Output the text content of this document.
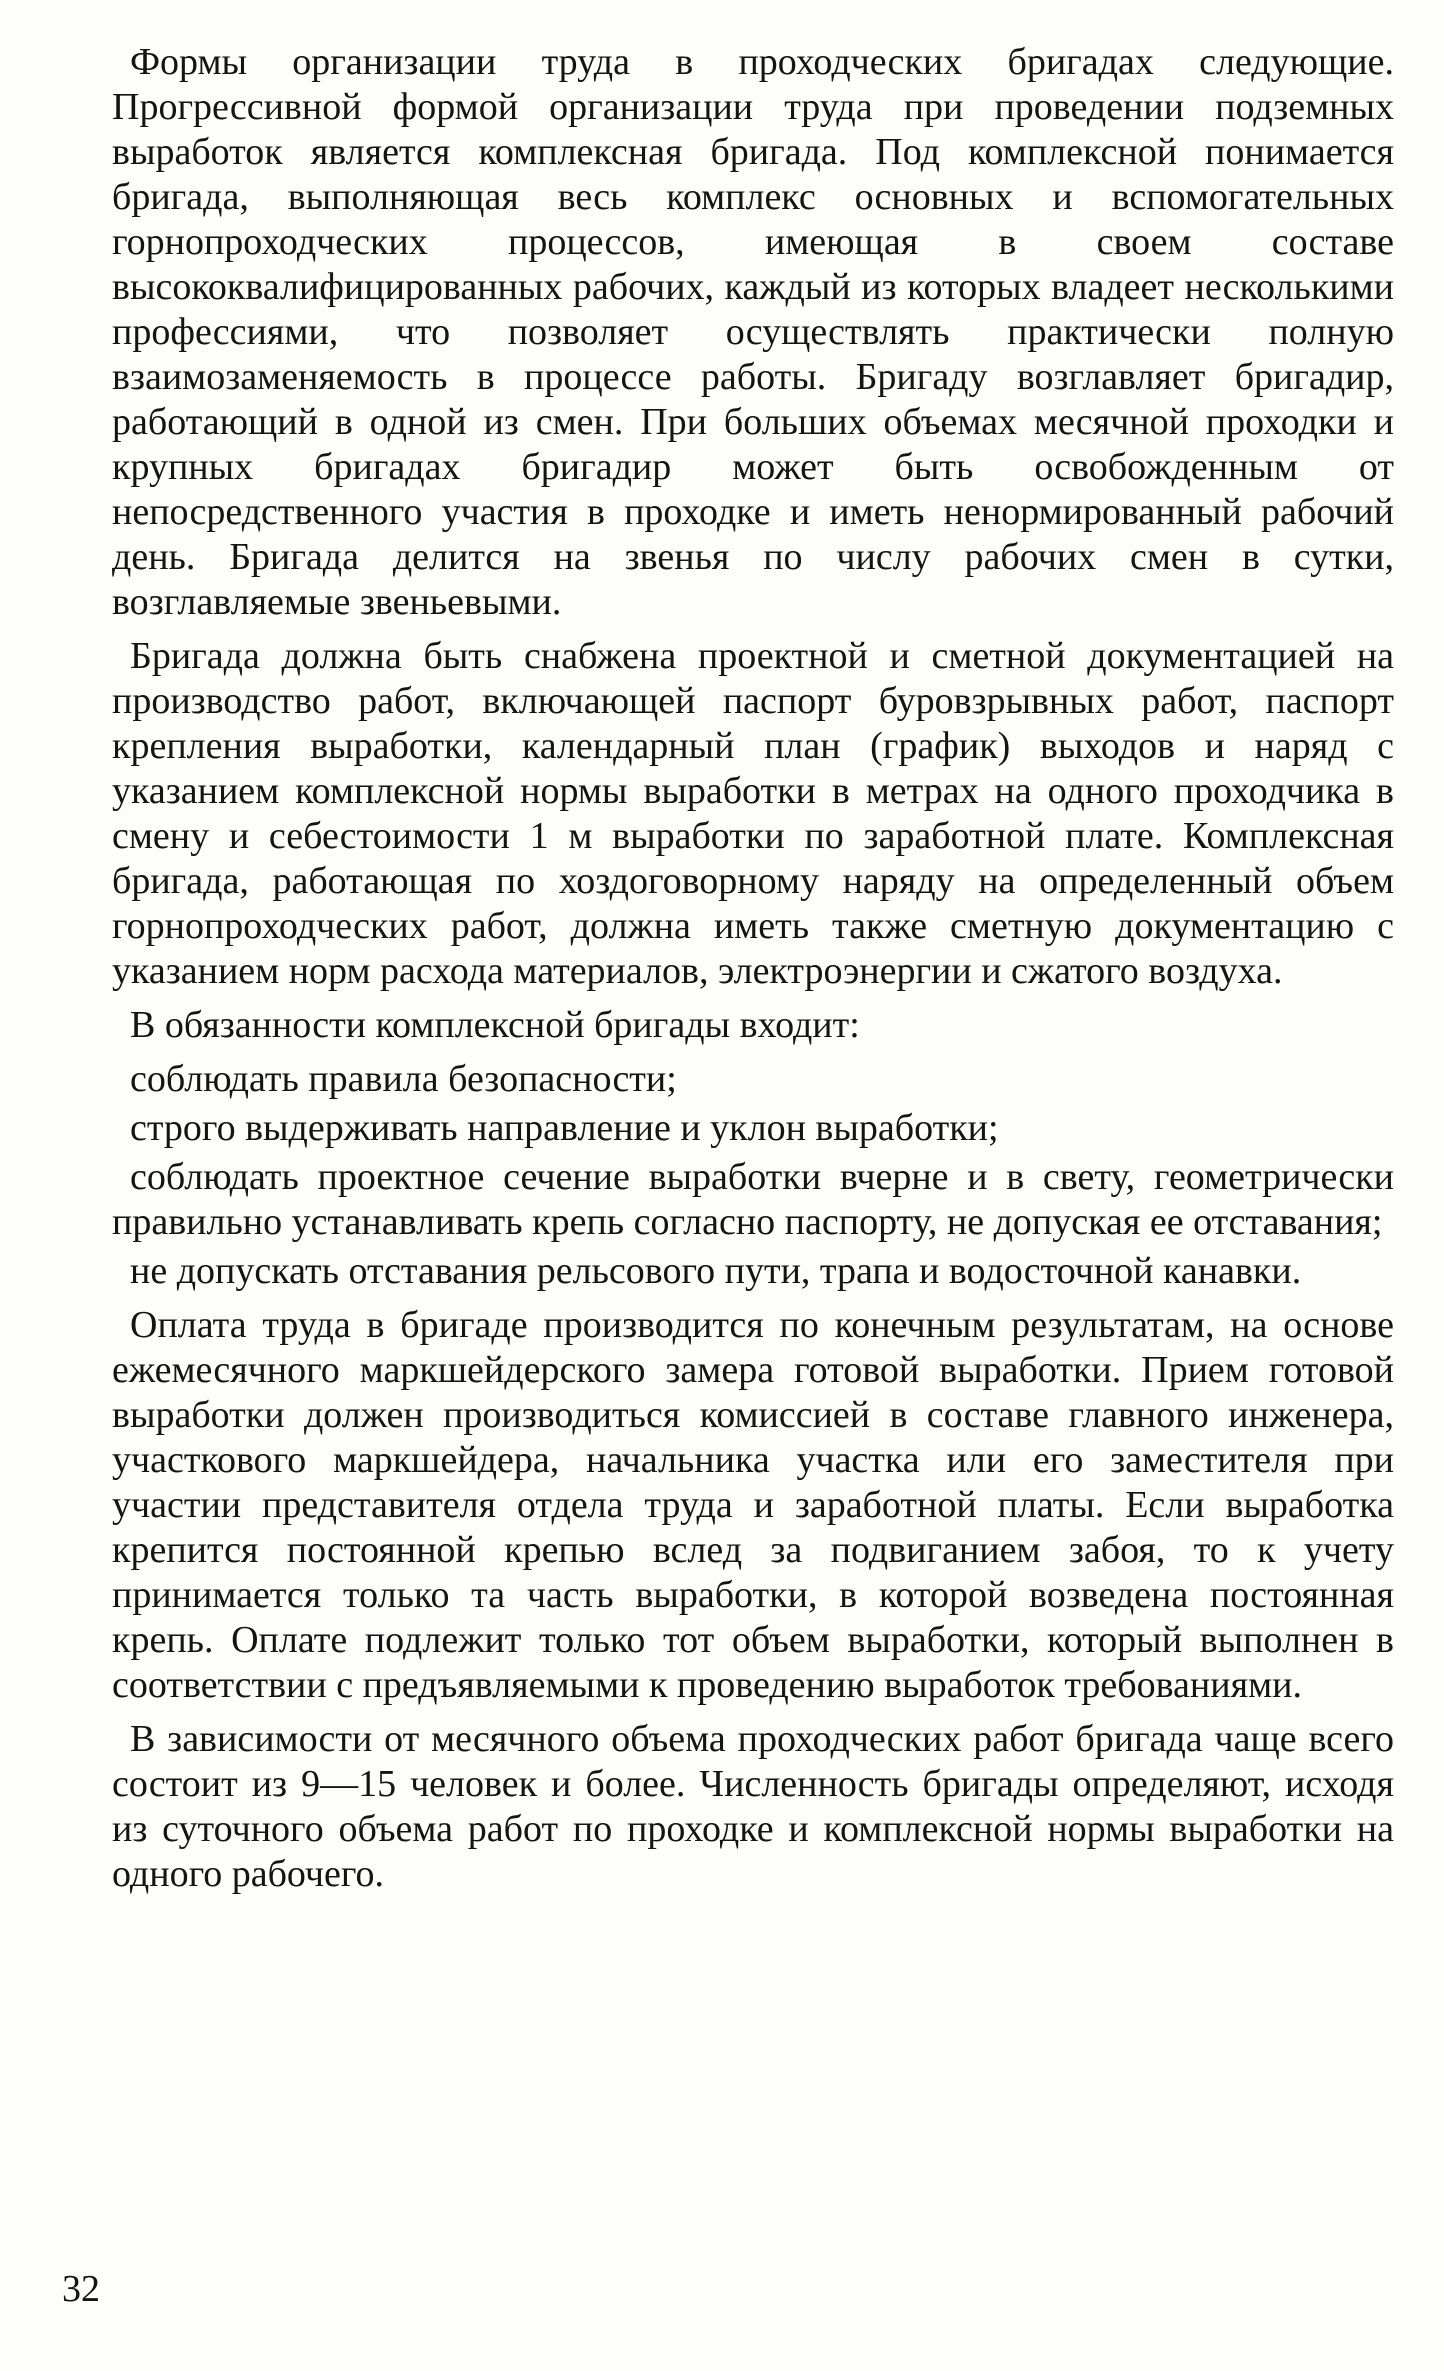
Формы организации труда в проходческих бригадах следующие. Прогрессивной формой организации труда при проведении подземных выработок является комплексная бригада. Под комплексной понимается бригада, выполняющая весь комплекс основных и вспомогательных горнопроходческих процессов, имеющая в своем составе высококвалифицированных рабочих, каждый из которых владеет несколькими профессиями, что позволяет осуществлять практически полную взаимозаменяемость в процессе работы. Бригаду возглавляет бригадир, работающий в одной из смен. При больших объемах месячной проходки и крупных бригадах бригадир может быть освобожденным от непосредственного участия в проходке и иметь ненормированный рабочий день. Бригада делится на звенья по числу рабочих смен в сутки, возглавляемые звеньевыми.

Бригада должна быть снабжена проектной и сметной документацией на производство работ, включающей паспорт буровзрывных работ, паспорт крепления выработки, календарный план (график) выходов и наряд с указанием комплексной нормы выработки в метрах на одного проходчика в смену и себестоимости 1 м выработки по заработной плате. Комплексная бригада, работающая по хоздоговорному наряду на определенный объем горнопроходческих работ, должна иметь также сметную документацию с указанием норм расхода материалов, электроэнергии и сжатого воздуха.

В обязанности комплексной бригады входит:

соблюдать правила безопасности;

строго выдерживать направление и уклон выработки;

соблюдать проектное сечение выработки вчерне и в свету, геометрически правильно устанавливать крепь согласно паспорту, не допуская ее отставания;

не допускать отставания рельсового пути, трапа и водосточной канавки.

Оплата труда в бригаде производится по конечным результатам, на основе ежемесячного маркшейдерского замера готовой выработки. Прием готовой выработки должен производиться комиссией в составе главного инженера, участкового маркшейдера, начальника участка или его заместителя при участии представителя отдела труда и заработной платы. Если выработка крепится постоянной крепью вслед за подвиганием забоя, то к учету принимается только та часть выработки, в которой возведена постоянная крепь. Оплате подлежит только тот объем выработки, который выполнен в соответствии с предъявляемыми к проведению выработок требованиями.

В зависимости от месячного объема проходческих работ бригада чаще всего состоит из 9—15 человек и более. Численность бригады определяют, исходя из суточного объема работ по проходке и комплексной нормы выработки на одного рабочего.

32
